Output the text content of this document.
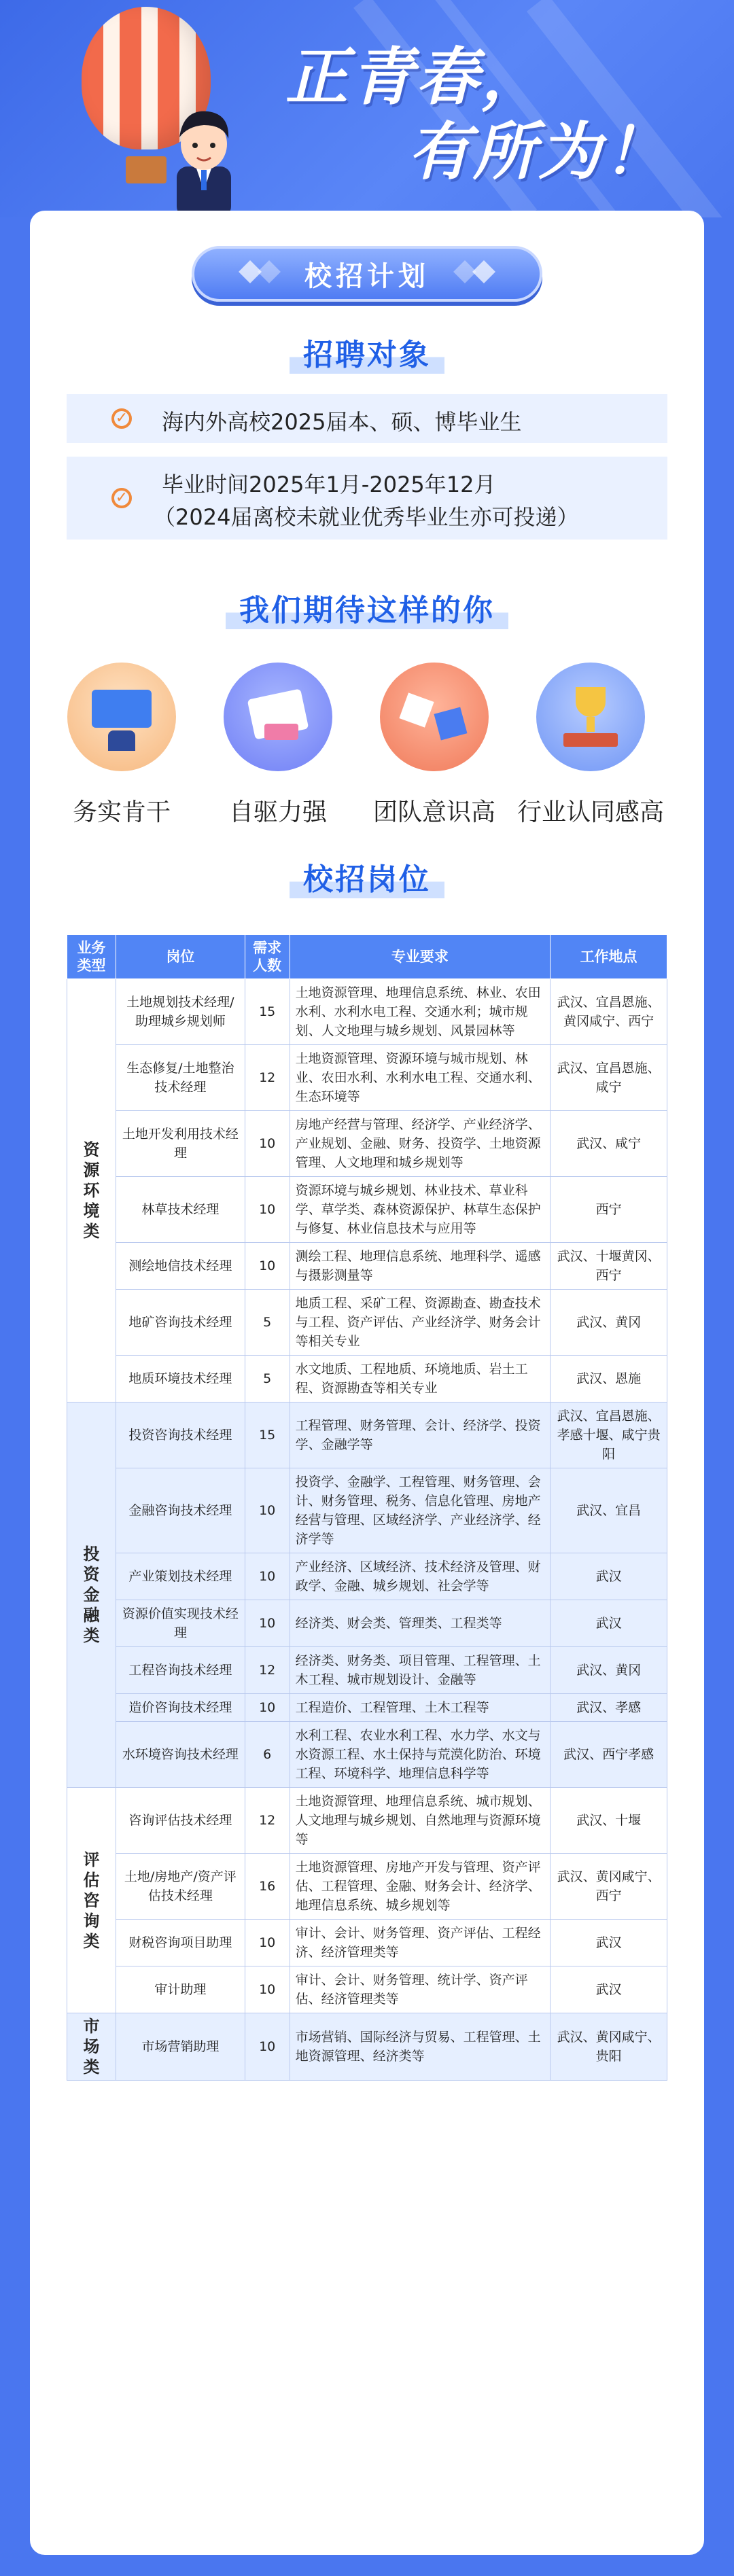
正青春，
有所为！
校招计划
招聘对象
✓ 海内外高校2025届本、硕、博毕业生
✓
毕业时间2025年1月-2025年12月
（2024届离校未就业优秀毕业生亦可投递）
我们期待这样的你
务实肯干	自驱力强	团队意识高 行业认同感高
校招岗位
业务类型	岗位	需求人数	专业要求	工作地点
资
源
环
境
类	土地规划技术经理/助理城乡规划师	15	土地资源管理、地理信息系统、林业、农田水利、水利水电工程、交通水利；城市规划、人文地理与城乡规划、风景园林等	武汉、宜昌恩施、黄冈咸宁、西宁
	生态修复/土地整治技术经理	12	土地资源管理、资源环境与城市规划、林业、农田水利、水利水电工程、交通水利、生态环境等	武汉、宜昌恩施、咸宁
	土地开发利用技术经理	10	房地产经营与管理、经济学、产业经济学、产业规划、金融、财务、投资学、土地资源管理、人文地理和城乡规划等	武汉、咸宁
	林草技术经理	10	资源环境与城乡规划、林业技术、草业科学、草学类、森林资源保护、林草生态保护与修复、林业信息技术与应用等	西宁
	测绘地信技术经理	10	测绘工程、地理信息系统、地理科学、遥感与摄影测量等	武汉、十堰黄冈、西宁
	地矿咨询技术经理	5	地质工程、采矿工程、资源勘查、勘查技术与工程、资产评估、产业经济学、财务会计等相关专业	武汉、黄冈
	地质环境技术经理	5	水文地质、工程地质、环境地质、岩土工程、资源勘查等相关专业	武汉、恩施
投
资
金
融
类	投资咨询技术经理	15	工程管理、财务管理、会计、经济学、投资学、金融学等	武汉、宜昌恩施、孝感十堰、咸宁贵阳
	金融咨询技术经理	10	投资学、金融学、工程管理、财务管理、会计、财务管理、税务、信息化管理、房地产经营与管理、区域经济学、产业经济学、经济学等	武汉、宜昌
	产业策划技术经理	10	产业经济、区域经济、技术经济及管理、财政学、金融、城乡规划、社会学等	武汉
	资源价值实现技术经理	10	经济类、财会类、管理类、工程类等	武汉
	工程咨询技术经理	12	经济类、财务类、项目管理、工程管理、土木工程、城市规划设计、金融等	武汉、黄冈
	造价咨询技术经理	10	工程造价、工程管理、土木工程等	武汉、孝感
	水环境咨询技术经理	6	水利工程、农业水利工程、水力学、水文与水资源工程、水土保持与荒漠化防治、环境工程、环境科学、地理信息科学等	武汉、西宁孝感
评
估
咨
询
类	咨询评估技术经理	12	土地资源管理、地理信息系统、城市规划、人文地理与城乡规划、自然地理与资源环境等	武汉、十堰
	土地/房地产/资产评估技术经理	16	土地资源管理、房地产开发与管理、资产评估、工程管理、金融、财务会计、经济学、地理信息系统、城乡规划等	武汉、黄冈咸宁、西宁
	财税咨询项目助理	10	审计、会计、财务管理、资产评估、工程经济、经济管理类等	武汉
	审计助理	10	审计、会计、财务管理、统计学、资产评估、经济管理类等	武汉
市
场
类	市场营销助理	10	市场营销、国际经济与贸易、工程管理、土地资源管理、经济类等	武汉、黄冈咸宁、贵阳
